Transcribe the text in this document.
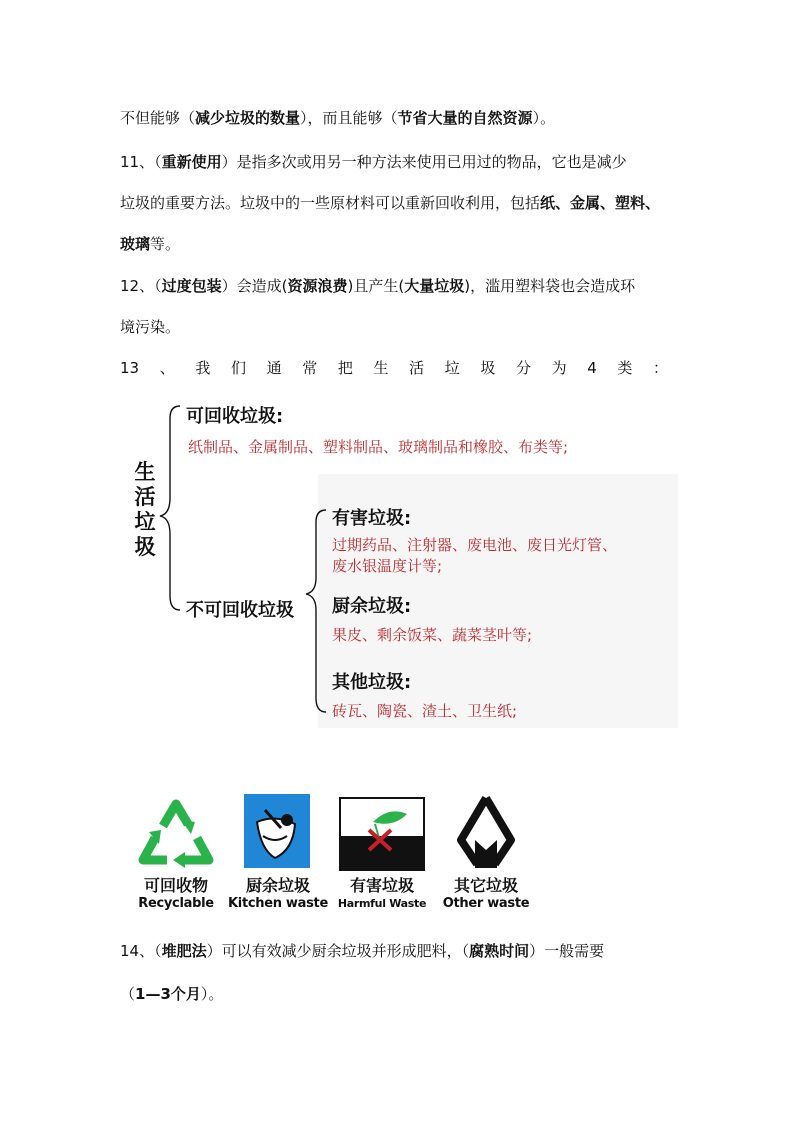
不但能够（减少垃圾的数量），而且能够（节省大量的自然资源）。
11、（重新使用）是指多次或用另一种方法来使用已用过的物品，它也是减少
垃圾的重要方法。垃圾中的一些原材料可以重新回收利用，包括纸、金属、塑料、
玻璃等。
12、（过度包装）会造成(资源浪费)且产生(大量垃圾)，滥用塑料袋也会造成环
境污染。
13 、 我 们 通 常 把 生 活 垃 圾 分 为 4 类 ：
生
活
垃
圾
可回收垃圾:
纸制品、金属制品、塑料制品、玻璃制品和橡胶、布类等;
不可回收垃圾
有害垃圾:
过期药品、注射器、废电池、废日光灯管、
废水银温度计等;
厨余垃圾:
果皮、剩余饭菜、蔬菜茎叶等;
其他垃圾:
砖瓦、陶瓷、渣土、卫生纸;
可回收物
Recyclable
厨余垃圾
Kitchen waste
有害垃圾
Harmful Waste
其它垃圾
Other waste
14、（堆肥法）可以有效减少厨余垃圾并形成肥料，（腐熟时间）一般需要
（1—3个月）。
